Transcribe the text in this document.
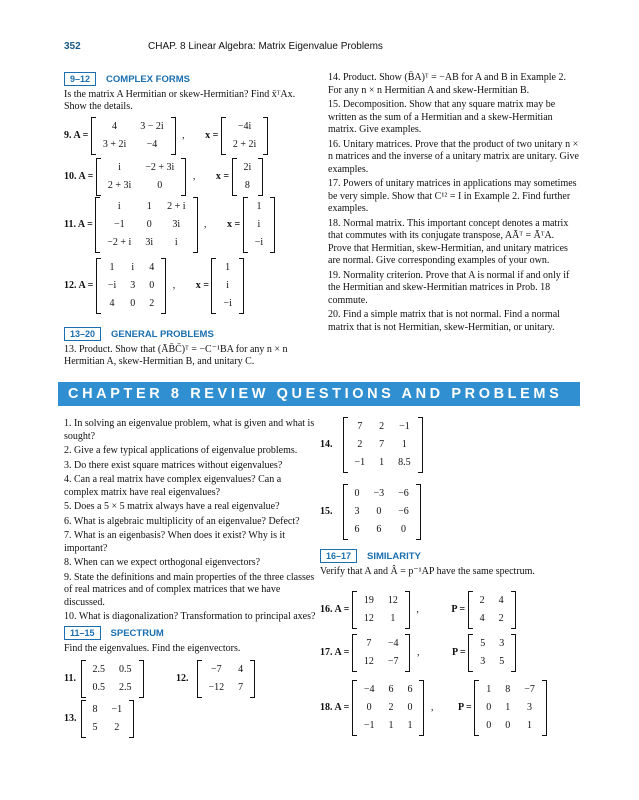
352	CHAP. 8 Linear Algebra: Matrix Eigenvalue Problems
9–12 COMPLEX FORMS

Is the matrix A Hermitian or skew-Hermitian? Find x̄ᵀAx. Show the details.

9. A =
4	3 − 2i
3 + 2i	−4
, x =
−4i
2 + 2i
10. A =
i	−2 + 3i
2 + 3i	0
, x =
2i
8
11. A =
i	1	2 + i
−1	0	3i
−2 + i	3i	i
, x =
1
i
−i
12. A =
1	i	4
−i	3	0
4	0	2
, x =
1
i
−i
13–20 GENERAL PROBLEMS

13. Product. Show that (ĀB̄C̄)ᵀ = −C⁻¹BA for any n × n Hermitian A, skew-Hermitian B, and unitary C.

14. Product. Show (B̄A)ᵀ = −AB for A and B in Example 2. For any n × n Hermitian A and skew-Hermitian B.

15. Decomposition. Show that any square matrix may be written as the sum of a Hermitian and a skew-Hermitian matrix. Give examples.

16. Unitary matrices. Prove that the product of two unitary n × n matrices and the inverse of a unitary matrix are unitary. Give examples.

17. Powers of unitary matrices in applications may sometimes be very simple. Show that C¹² = I in Example 2. Find further examples.

18. Normal matrix. This important concept denotes a matrix that commutes with its conjugate transpose, AĀᵀ = ĀᵀA. Prove that Hermitian, skew-Hermitian, and unitary matrices are normal. Give corresponding examples of your own.

19. Normality criterion. Prove that A is normal if and only if the Hermitian and skew-Hermitian matrices in Prob. 18 commute.

20. Find a simple matrix that is not normal. Find a normal matrix that is not Hermitian, skew-Hermitian, or unitary.

CHAPTER 8 REVIEW QUESTIONS AND PROBLEMS

1. In solving an eigenvalue problem, what is given and what is sought?

2. Give a few typical applications of eigenvalue problems.

3. Do there exist square matrices without eigenvalues?

4. Can a real matrix have complex eigenvalues? Can a complex matrix have real eigenvalues?

5. Does a 5 × 5 matrix always have a real eigenvalue?

6. What is algebraic multiplicity of an eigenvalue? Defect?

7. What is an eigenbasis? When does it exist? Why is it important?

8. When can we expect orthogonal eigenvectors?

9. State the definitions and main properties of the three classes of real matrices and of complex matrices that we have discussed.

10. What is diagonalization? Transformation to principal axes?

11–15 SPECTRUM

Find the eigenvalues. Find the eigenvectors.

11.
2.5	0.5
0.5	2.5
12.
−7	4
−12	7
13.
8	−1
5	2
14.
7	2	−1
2	7	1
−1	1	8.5
15.
0	−3	−6
3	0	−6
6	6	0
16–17 SIMILARITY

Verify that A and Â = p⁻¹AP have the same spectrum.

16. A =
19	12
12	1
,	P =
2	4
4	2
17. A =
7	−4
12	−7
,	P =
5	3
3	5
18. A =
−4	6	6
0	2	0
−1	1	1
, P =
1	8	−7
0	1	3
0	0	1
